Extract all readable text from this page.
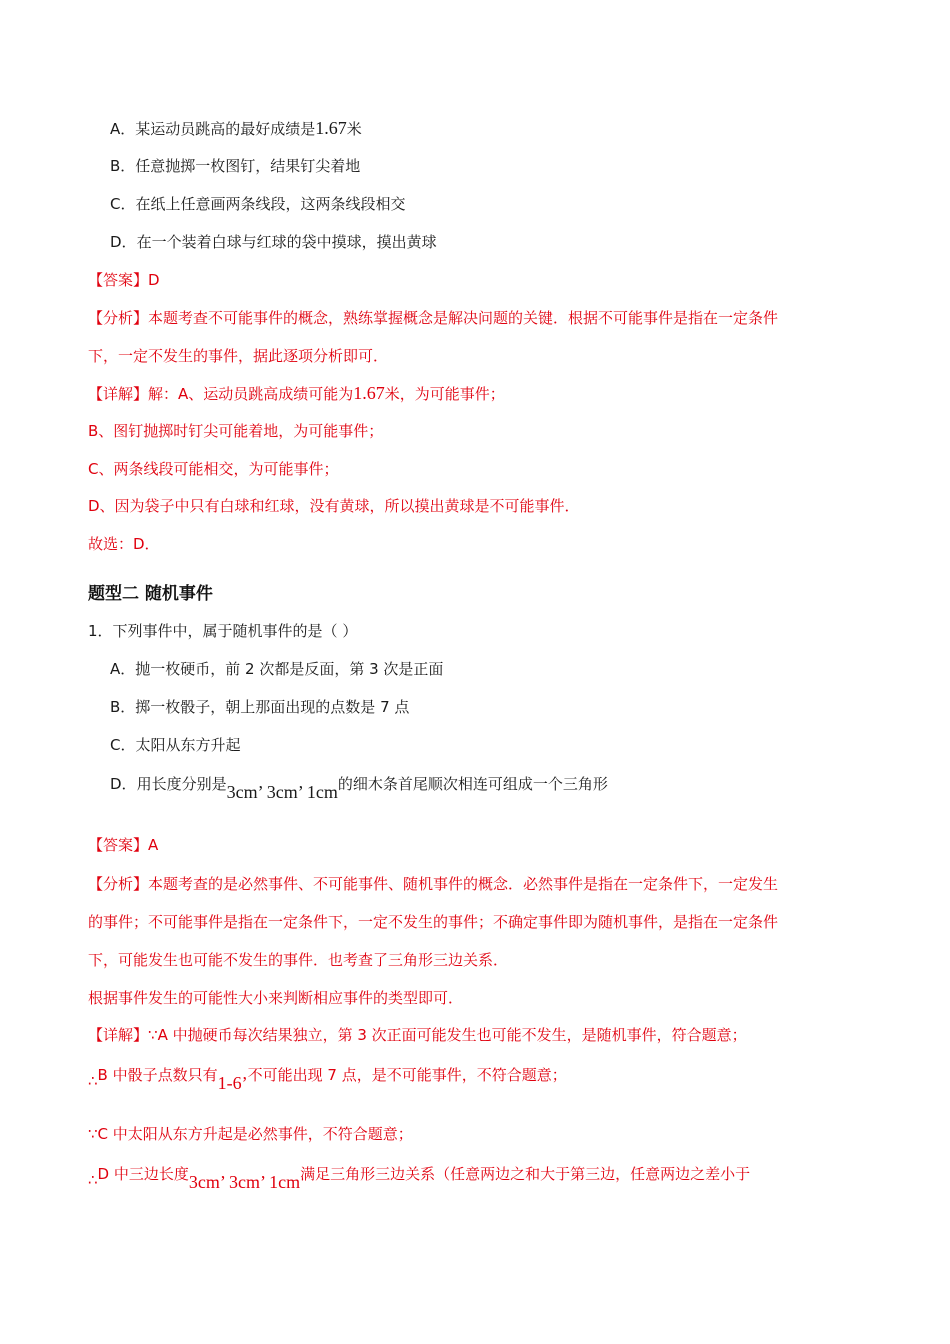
A．某运动员跳高的最好成绩是1.67米
B．任意抛掷一枚图钉，结果钉尖着地
C．在纸上任意画两条线段，这两条线段相交
D．在一个装着白球与红球的袋中摸球，摸出黄球
【答案】D
【分析】本题考查不可能事件的概念，熟练掌握概念是解决问题的关键．根据不可能事件是指在一定条件
下，一定不发生的事件，据此逐项分析即可．
【详解】解：A、运动员跳高成绩可能为1.67米，为可能事件；
B、图钉抛掷时钉尖可能着地，为可能事件；
C、两条线段可能相交，为可能事件；
D、因为袋子中只有白球和红球，没有黄球，所以摸出黄球是不可能事件．
故选：D．
题型二 随机事件
1．下列事件中，属于随机事件的是（ ）
A．抛一枚硬币，前 2 次都是反面，第 3 次是正面
B．掷一枚骰子，朝上那面出现的点数是 7 点
C．太阳从东方升起
D．用长度分别是3cm’ 3cm’ 1cm的细木条首尾顺次相连可组成一个三角形
【答案】A
【分析】本题考查的是必然事件、不可能事件、随机事件的概念．必然事件是指在一定条件下，一定发生
的事件；不可能事件是指在一定条件下，一定不发生的事件；不确定事件即为随机事件，是指在一定条件
下，可能发生也可能不发生的事件．也考查了三角形三边关系．
根据事件发生的可能性大小来判断相应事件的类型即可．
【详解】∵A 中抛硬币每次结果独立，第 3 次正面可能发生也可能不发生，是随机事件，符合题意；
∴B 中骰子点数只有1-6’不可能出现 7 点，是不可能事件，不符合题意；
∵C 中太阳从东方升起是必然事件，不符合题意；
∴D 中三边长度3cm’ 3cm’ 1cm满足三角形三边关系（任意两边之和大于第三边，任意两边之差小于
